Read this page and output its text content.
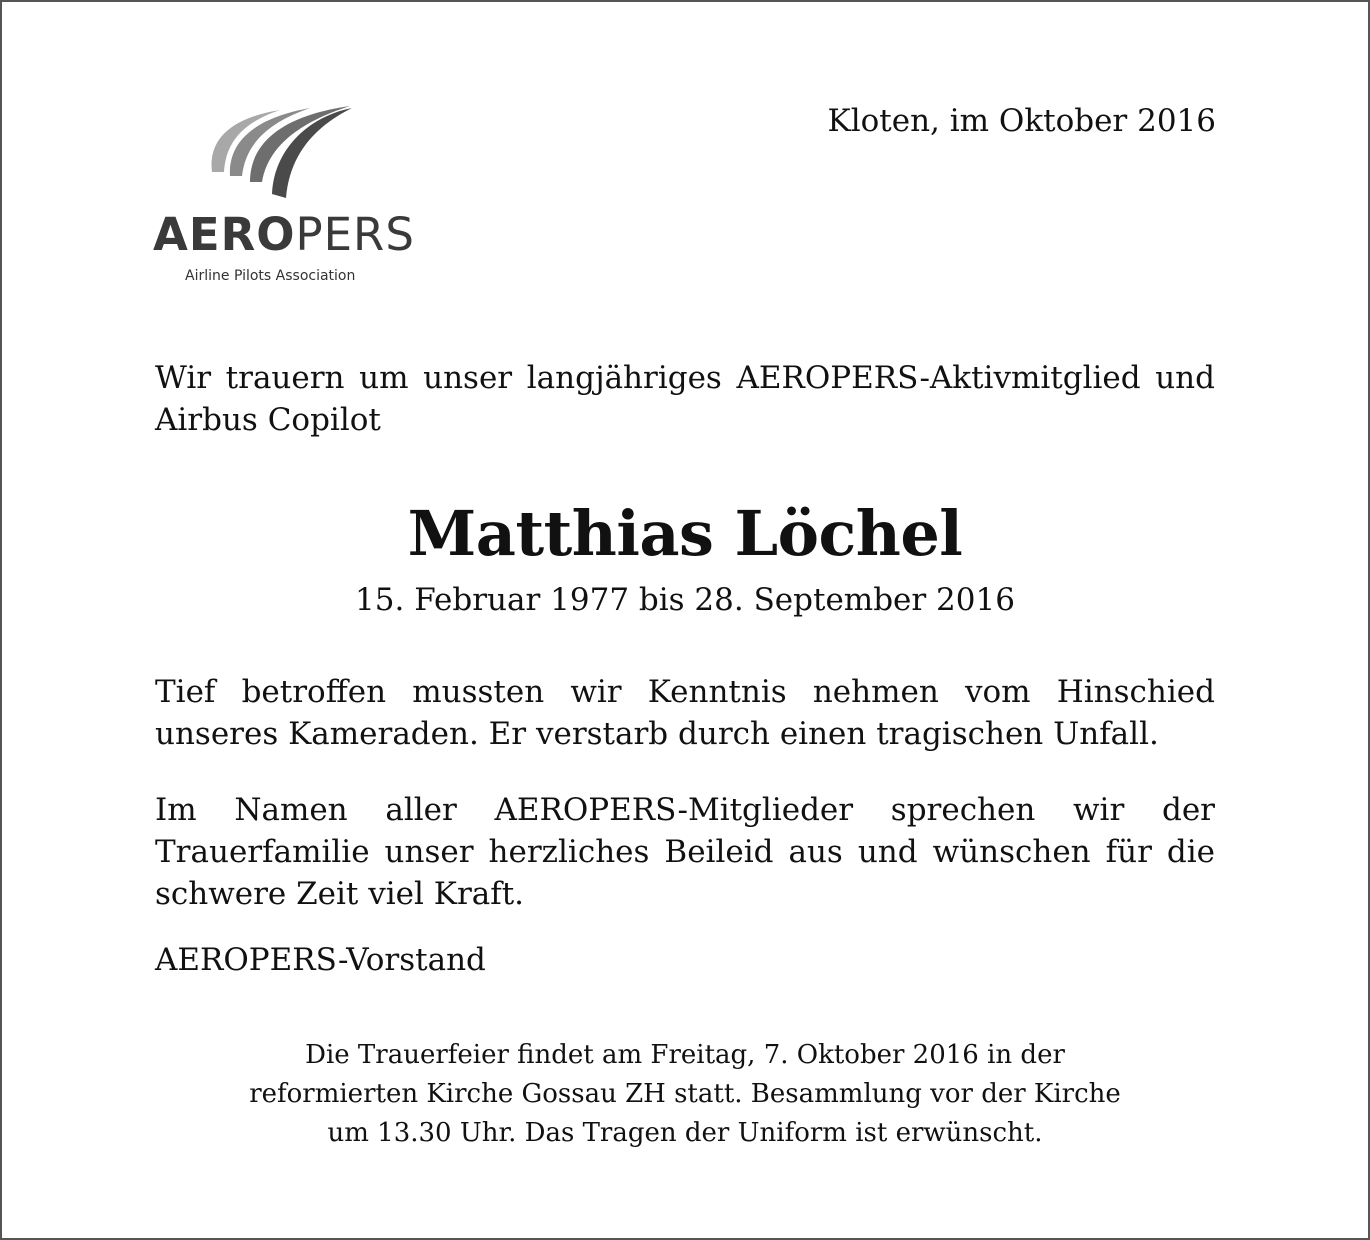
AEROPERS
Airline Pilots Association
Kloten, im Oktober 2016
Wir trauern um unser langjähriges AEROPERS-Aktivmitglied und Airbus Copilot
Matthias Löchel
15. Februar 1977 bis 28. September 2016
Tief betroffen mussten wir Kenntnis nehmen vom Hinschied unseres Kameraden. Er verstarb durch einen tragischen Unfall.
Im Namen aller AEROPERS-Mitglieder sprechen wir der Trauerfamilie unser herzliches Beileid aus und wünschen für die schwere Zeit viel Kraft.
AEROPERS-Vorstand
Die Trauerfeier findet am Freitag, 7. Oktober 2016 in der
reformierten Kirche Gossau ZH statt. Besammlung vor der Kirche
um 13.30 Uhr. Das Tragen der Uniform ist erwünscht.
